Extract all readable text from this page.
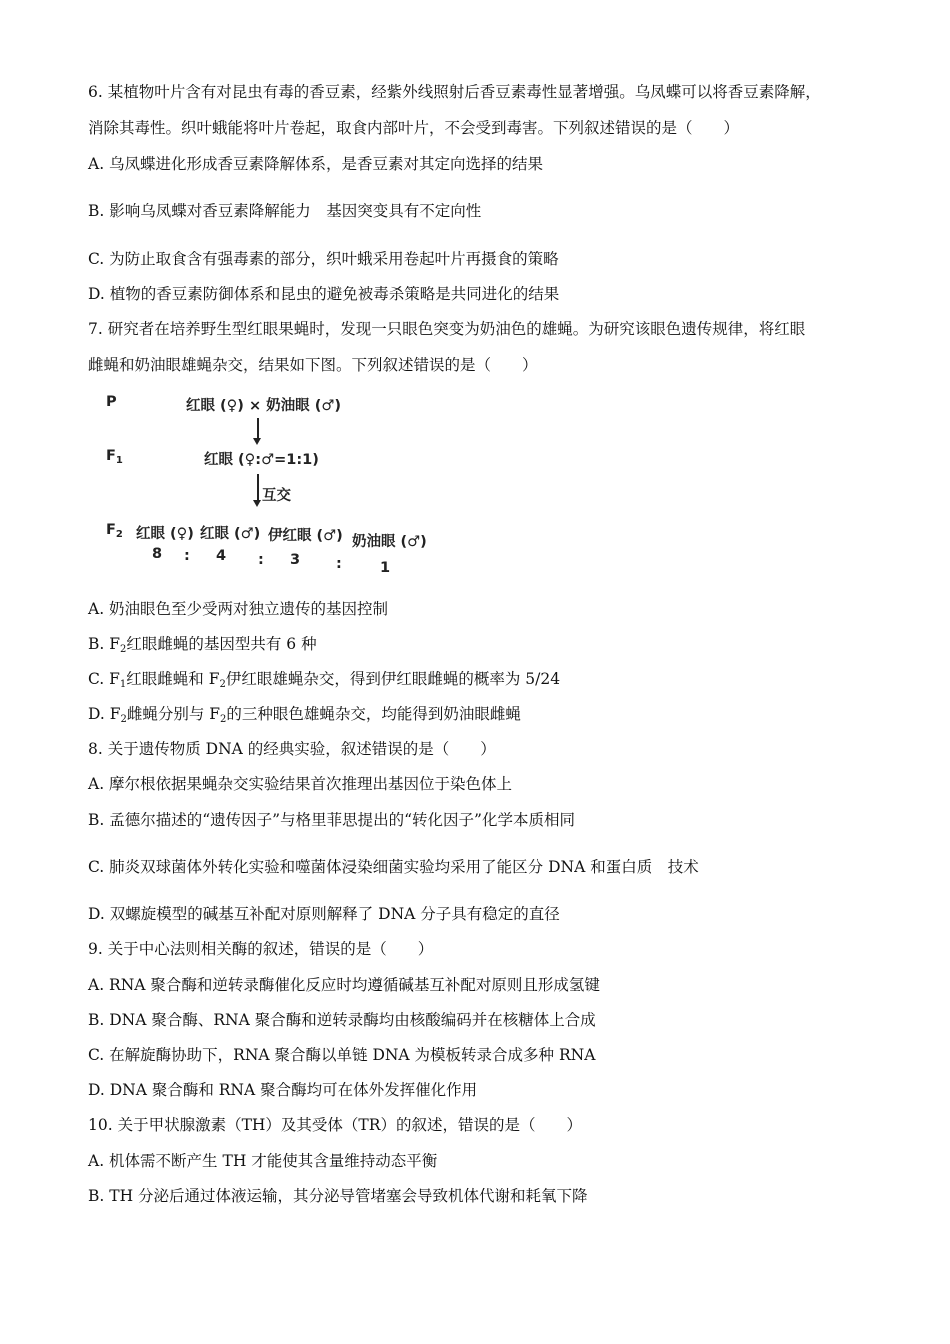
6. 某植物叶片含有对昆虫有毒的香豆素，经紫外线照射后香豆素毒性显著增强。乌凤蝶可以将香豆素降解，
消除其毒性。织叶蛾能将叶片卷起，取食内部叶片，不会受到毒害。下列叙述错误的是（　　）
A. 乌凤蝶进化形成香豆素降解体系，是香豆素对其定向选择的结果
B. 影响乌凤蝶对香豆素降解能力　基因突变具有不定向性
C. 为防止取食含有强毒素的部分，织叶蛾采用卷起叶片再摄食的策略
D. 植物的香豆素防御体系和昆虫的避免被毒杀策略是共同进化的结果
7. 研究者在培养野生型红眼果蝇时，发现一只眼色突变为奶油色的雄蝇。为研究该眼色遗传规律，将红眼
雌蝇和奶油眼雄蝇杂交，结果如下图。下列叙述错误的是（　　）
P	红眼 (♀) × 奶油眼 (♂)
$F_1$	红眼 (♀:♂=1:1)
互交
$F_2$ 红眼 (♀) 红眼 (♂) 伊红眼 (♂) 奶油眼 (♂)
8 : 4 : 3 :	1
A. 奶油眼色至少受两对独立遗传的基因控制
B. $F_2$红眼雌蝇的基因型共有 6 种
C. $F_1$红眼雌蝇和 $F_2$伊红眼雄蝇杂交，得到伊红眼雌蝇的概率为 5/24
D. $F_2$雌蝇分别与 $F_2$的三种眼色雄蝇杂交，均能得到奶油眼雌蝇
8. 关于遗传物质 DNA 的经典实验，叙述错误的是（　　）
A. 摩尔根依据果蝇杂交实验结果首次推理出基因位于染色体上
B. 孟德尔描述的“遗传因子”与格里菲思提出的“转化因子”化学本质相同
C. 肺炎双球菌体外转化实验和噬菌体浸染细菌实验均采用了能区分 DNA 和蛋白质　技术
D. 双螺旋模型的碱基互补配对原则解释了 DNA 分子具有稳定的直径
9. 关于中心法则相关酶的叙述，错误的是（　　）
A. RNA 聚合酶和逆转录酶催化反应时均遵循碱基互补配对原则且形成氢键
B. DNA 聚合酶、RNA 聚合酶和逆转录酶均由核酸编码并在核糖体上合成
C. 在解旋酶协助下，RNA 聚合酶以单链 DNA 为模板转录合成多种 RNA
D. DNA 聚合酶和 RNA 聚合酶均可在体外发挥催化作用
10. 关于甲状腺激素（TH）及其受体（TR）的叙述，错误的是（　　）
A. 机体需不断产生 TH 才能使其含量维持动态平衡
B. TH 分泌后通过体液运输，其分泌导管堵塞会导致机体代谢和耗氧下降
